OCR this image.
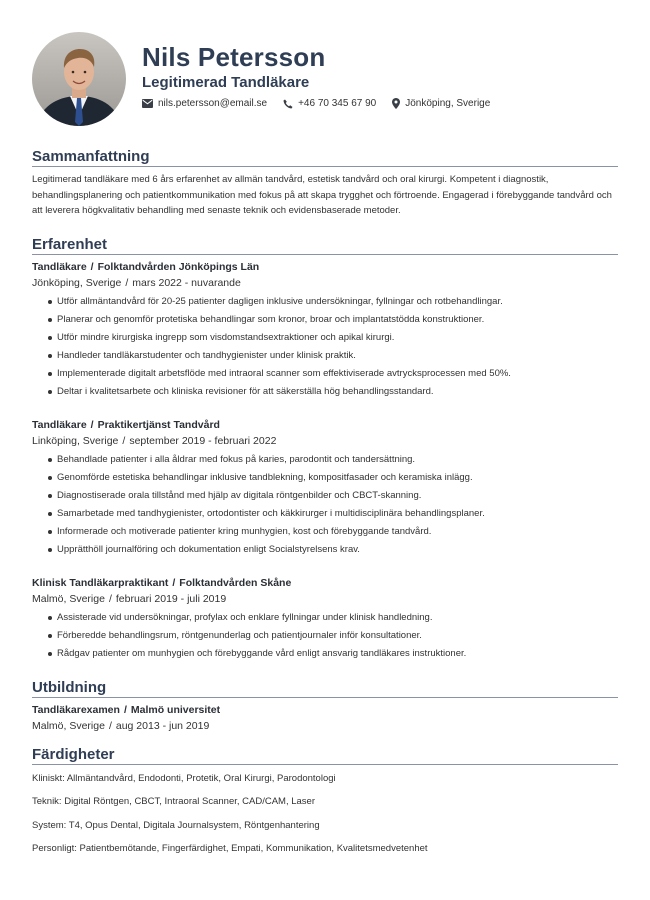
Nils Petersson
Legitimerad Tandläkare
nils.petersson@email.se	+46 70 345 67 90	Jönköping, Sverige
Sammanfattning

Legitimerad tandläkare med 6 års erfarenhet av allmän tandvård, estetisk tandvård och oral kirurgi. Kompetent i diagnostik, behandlingsplanering och patientkommunikation med fokus på att skapa trygghet och förtroende. Engagerad i förebyggande tandvård och att leverera högkvalitativ behandling med senaste teknik och evidensbaserade metoder.

Erfarenhet
Tandläkare / Folktandvården Jönköpings Län
Jönköping, Sverige / mars 2022 - nuvarande
Utför allmäntandvård för 20-25 patienter dagligen inklusive undersökningar, fyllningar och rotbehandlingar.
Planerar och genomför protetiska behandlingar som kronor, broar och implantatstödda konstruktioner.
Utför mindre kirurgiska ingrepp som visdomstandsextraktioner och apikal kirurgi.
Handleder tandläkarstudenter och tandhygienister under klinisk praktik.
Implementerade digitalt arbetsflöde med intraoral scanner som effektiviserade avtrycksprocessen med 50%.
Deltar i kvalitetsarbete och kliniska revisioner för att säkerställa hög behandlingsstandard.
Tandläkare / Praktikertjänst Tandvård
Linköping, Sverige / september 2019 - februari 2022
Behandlade patienter i alla åldrar med fokus på karies, parodontit och tandersättning.
Genomförde estetiska behandlingar inklusive tandblekning, kompositfasader och keramiska inlägg.
Diagnostiserade orala tillstånd med hjälp av digitala röntgenbilder och CBCT-skanning.
Samarbetade med tandhygienister, ortodontister och käkkirurger i multidisciplinära behandlingsplaner.
Informerade och motiverade patienter kring munhygien, kost och förebyggande tandvård.
Upprätthöll journalföring och dokumentation enligt Socialstyrelsens krav.
Klinisk Tandläkarpraktikant / Folktandvården Skåne
Malmö, Sverige / februari 2019 - juli 2019
Assisterade vid undersökningar, profylax och enklare fyllningar under klinisk handledning.
Förberedde behandlingsrum, röntgenunderlag och patientjournaler inför konsultationer.
Rådgav patienter om munhygien och förebyggande vård enligt ansvarig tandläkares instruktioner.
Utbildning
Tandläkarexamen / Malmö universitet
Malmö, Sverige / aug 2013 - jun 2019
Färdigheter
Kliniskt: Allmäntandvård, Endodonti, Protetik, Oral Kirurgi, Parodontologi
Teknik: Digital Röntgen, CBCT, Intraoral Scanner, CAD/CAM, Laser
System: T4, Opus Dental, Digitala Journalsystem, Röntgenhantering
Personligt: Patientbemötande, Fingerfärdighet, Empati, Kommunikation, Kvalitetsmedvetenhet
